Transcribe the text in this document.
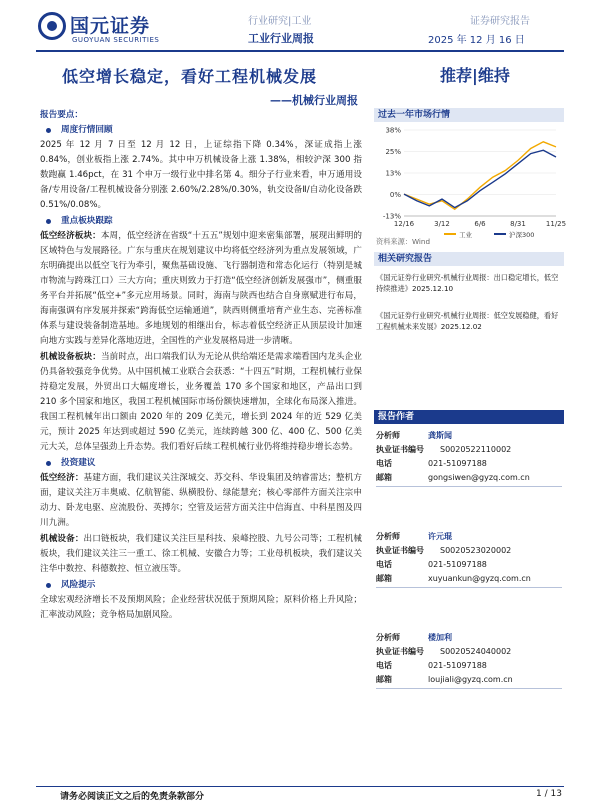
国元证券
GUOYUAN SECURITIES
行业研究|工业	证券研究报告
工业行业周报	2025 年 12 月 16 日
低空增长稳定，看好工程机械发展	推荐|维持
——机械行业周报
报告要点：
周度行情回顾

2025 年 12 月 7 日至 12 月 12 日，上证综指下降 0.34%，深证成指上涨 0.84%，创业板指上涨 2.74%。其中申万机械设备上涨 1.38%，相较沪深 300 指数跑赢 1.46pct，在 31 个申万一级行业中排名第 4。细分子行业来看，申万通用设备/专用设备/工程机械设备分别涨 2.60%/2.28%/0.30%，轨交设备Ⅱ/自动化设备跌 0.51%/0.08%。

重点板块跟踪

低空经济板块：本周，低空经济在省级“十五五”规划中迎来密集部署，展现出鲜明的区域特色与发展路径。广东与重庆在规划建议中均将低空经济列为重点发展领域，广东明确提出以低空飞行为牵引，聚焦基础设施、飞行器制造和常态化运行（特别是城市物流与跨珠江口）三大方向；重庆则致力于打造“低空经济创新发展强市”，侧重服务平台并拓展“低空+”多元应用场景。同时，海南与陕西也结合自身禀赋进行布局，海南强调有序发展并探索“跨海低空运输通道”，陕西则侧重培育产业生态、完善标准体系与建设装备制造基地。多地规划的相继出台，标志着低空经济正从顶层设计加速向地方实践与差异化落地迈进，全国性的产业发展格局进一步清晰。

机械设备板块：当前时点，出口端我们认为无论从供给端还是需求端看国内龙头企业仍具备较强竞争优势。从中国机械工业联合会获悉：“十四五”时期，工程机械行业保持稳定发展，外贸出口大幅度增长，业务覆盖 170 多个国家和地区，产品出口到 210 多个国家和地区，我国工程机械国际市场份额快速增加，全球化布局深入推进。我国工程机械年出口额由 2020 年的 209 亿美元，增长到 2024 年的近 529 亿美元，预计 2025 年达到或超过 590 亿美元，连续跨越 300 亿、400 亿、500 亿美元大关，总体呈强劲上升态势。我们看好后续工程机械行业仍将维持稳步增长态势。

投资建议

低空经济：基建方面，我们建议关注深城交、苏交科、华设集团及纳睿雷达；整机方面，建议关注万丰奥威、亿航智能、纵横股份、绿能慧充；核心零部件方面关注宗申动力、卧龙电驱、应流股份、英搏尔；空管及运营方面关注中信海直、中科星图及四川九洲。

机械设备：出口链板块，我们建议关注巨星科技、泉峰控股、九号公司等；工程机械板块，我们建议关注三一重工、徐工机械、安徽合力等；工业母机板块，我们建议关注华中数控、科德数控、恒立液压等。

风险提示

全球宏观经济增长不及预期风险；企业经营状况低于预期风险；原料价格上升风险；汇率波动风险；竞争格局加剧风险。

过去一年市场行情
-13%
0%
13%
25%
38%
12/16	3/12	6/6	8/31	11/25
工业	沪深300
资料来源：Wind
相关研究报告
《国元证券行业研究-机械行业周报：出口稳定增长，低空持续推进》2025.12.10
《国元证券行业研究-机械行业周报：低空发展稳健，看好工程机械未来发展》2025.12.02
报告作者
分析师	龚斯闻
执业证书编号	S0020522110002
电话	021-51097188
邮箱	gongsiwen@gyzq.com.cn
分析师	许元琨
执业证书编号	S0020523020002
电话	021-51097188
邮箱	xuyuankun@gyzq.com.cn
分析师	楼加利
执业证书编号	S0020524040002
电话	021-51097188
邮箱	loujiali@gyzq.com.cn
请务必阅读正文之后的免责条款部分	1 / 13
